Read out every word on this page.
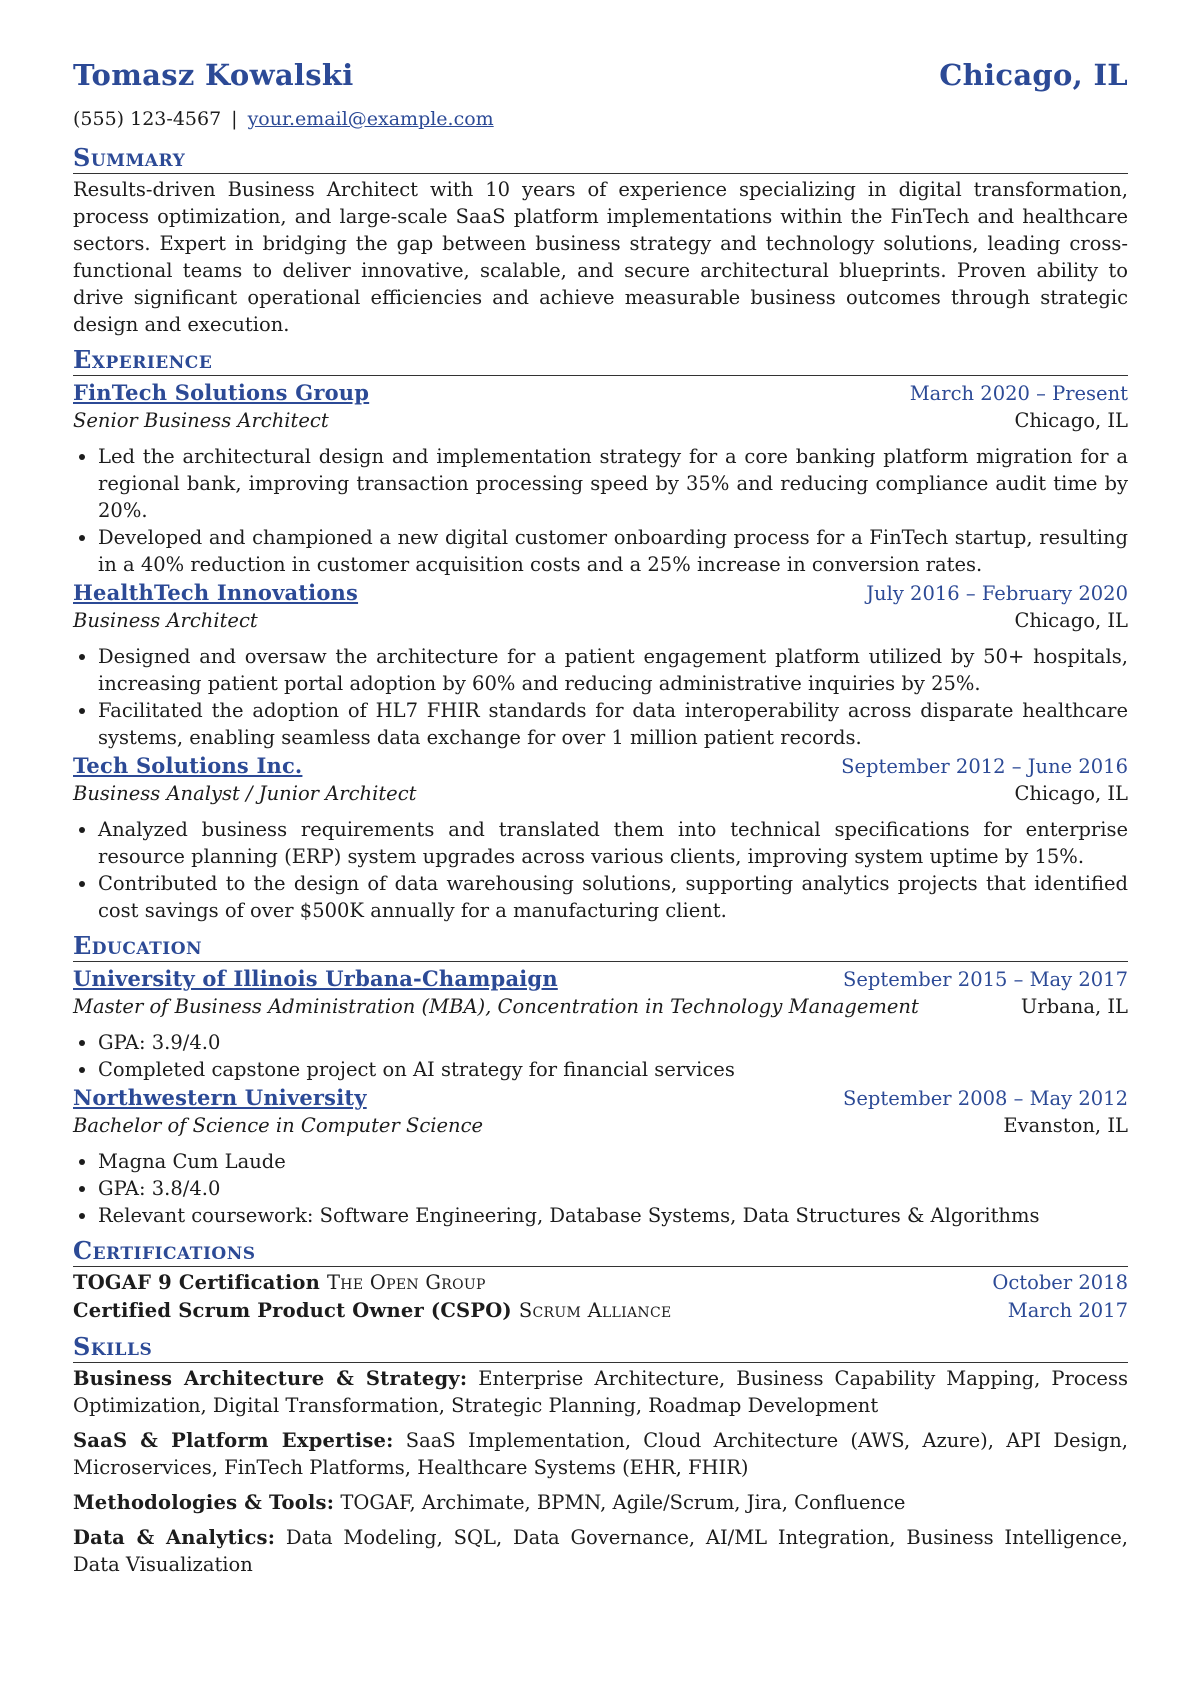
Tomasz Kowalski	Chicago, IL
(555) 123-4567 | your.email@example.com
Summary

Results-driven Business Architect with 10 years of experience specializing in digital transformation, process optimization, and large-scale SaaS platform implementations within the FinTech and healthcare sectors. Expert in bridging the gap between business strategy and technology solutions, leading cross-functional teams to deliver innovative, scalable, and secure architectural blueprints. Proven ability to drive significant operational efficiencies and achieve measurable business outcomes through strategic design and execution.

Experience
FinTech Solutions Group	March 2020 – Present
Senior Business Architect	Chicago, IL
• Led the architectural design and implementation strategy for a core banking platform migration for a regional bank, improving transaction processing speed by 35% and reducing compliance audit time by 20%.
• Developed and championed a new digital customer onboarding process for a FinTech startup, resulting in a 40% reduction in customer acquisition costs and a 25% increase in conversion rates.
HealthTech Innovations	July 2016 – February 2020
Business Architect	Chicago, IL
• Designed and oversaw the architecture for a patient engagement platform utilized by 50+ hospitals, increasing patient portal adoption by 60% and reducing administrative inquiries by 25%.
• Facilitated the adoption of HL7 FHIR standards for data interoperability across disparate healthcare systems, enabling seamless data exchange for over 1 million patient records.
Tech Solutions Inc.	September 2012 – June 2016
Business Analyst / Junior Architect	Chicago, IL
• Analyzed business requirements and translated them into technical specifications for enterprise resource planning (ERP) system upgrades across various clients, improving system uptime by 15%.
• Contributed to the design of data warehousing solutions, supporting analytics projects that identified cost savings of over $500K annually for a manufacturing client.
Education
University of Illinois Urbana-Champaign	September 2015 – May 2017
Master of Business Administration (MBA), Concentration in Technology Management	Urbana, IL
• GPA: 3.9/4.0
• Completed capstone project on AI strategy for financial services
Northwestern University	September 2008 – May 2012
Bachelor of Science in Computer Science	Evanston, IL
• Magna Cum Laude
• GPA: 3.8/4.0
• Relevant coursework: Software Engineering, Database Systems, Data Structures & Algorithms
Certifications
TOGAF 9 Certification The Open Group	October 2018
Certified Scrum Product Owner (CSPO) Scrum Alliance	March 2017
Skills
Business Architecture & Strategy: Enterprise Architecture, Business Capability Mapping, Process Optimization, Digital Transformation, Strategic Planning, Roadmap Development
SaaS & Platform Expertise: SaaS Implementation, Cloud Architecture (AWS, Azure), API Design, Microservices, FinTech Platforms, Healthcare Systems (EHR, FHIR)
Methodologies & Tools: TOGAF, Archimate, BPMN, Agile/Scrum, Jira, Confluence
Data & Analytics: Data Modeling, SQL, Data Governance, AI/ML Integration, Business Intelligence, Data Visualization
